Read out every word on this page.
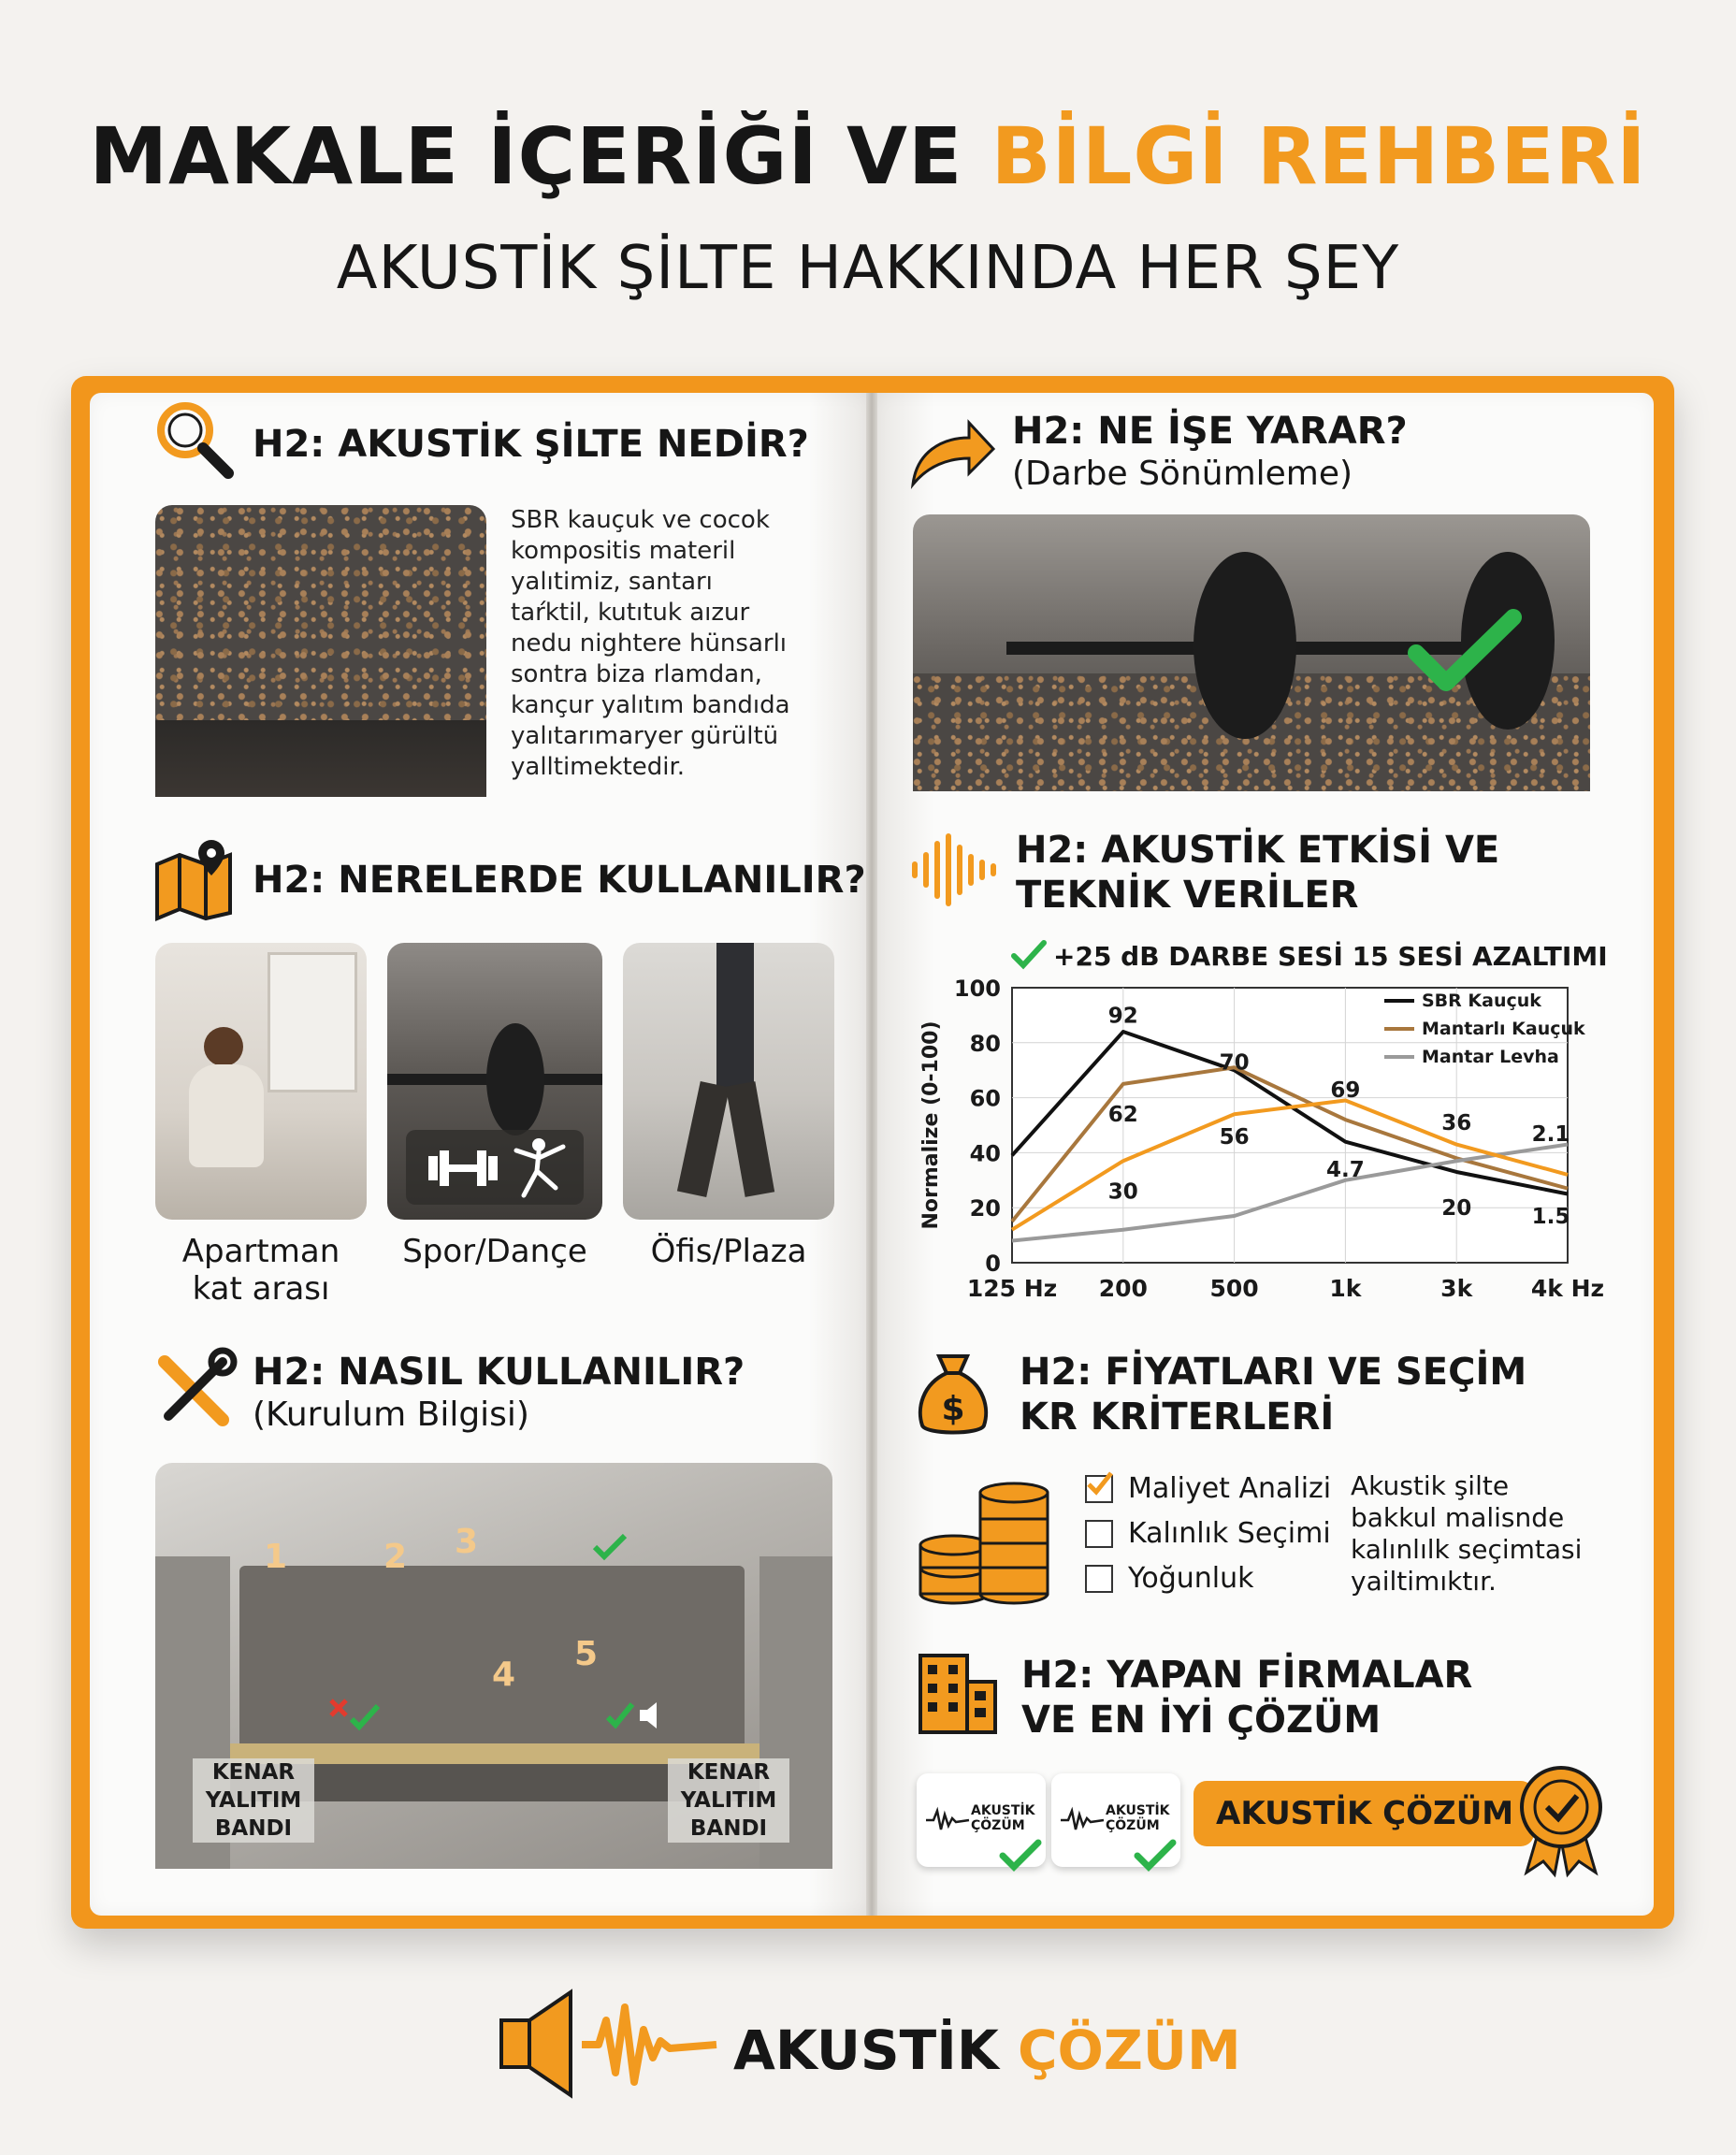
MAKALE İÇERİĞİ VE BİLGİ REHBERİ
AKUSTİK ŞİLTE HAKKINDA HER ŞEY
H2: AKUSTİK ŞİLTE NEDİR?
SBR kauçuk ve cocok
kompositis materil
yalıtimiz, santarı
taŕktil, kutıtuk aızur
nedu nightere hünsarlı
sontra biza rlamdan,
kançur yalıtım bandıda
yalıtarımaryer gürültü
yalltimektedir.
H2: NERELERDE KULLANILIR?
Apartman
kat arası
Spor/Dançe	Öfis/Plaza
H2: NASIL KULLANILIR?
(Kurulum Bilgisi)
1	2 3
4
5
KENAR
YALITIM
BANDI
KENAR
YALITIM
BANDI
H2: NE İŞE YARAR?
(Darbe Sönümleme)
H2: AKUSTİK ETKİSİ VE
TEKNİK VERİLER
+25 dB DARBE SESİ 15 SESİ AZALTIMI
0
20
40
60
80
100
125 Hz 200	500	1k	3k	4k Hz
Normalize (0-100)
SBR Kauçuk
Mantarlı Kauçuk
Mantar Levha
92
70
62
69
56
36
30
4.7
2.1
20	1.5
$
H2: FİYATLARI VE SEÇİM
KR KRİTERLERİ
Maliyet Analizi
Kalınlık Seçimi
Yoğunluk
Akustik şilte
bakkul malisnde
kalınlılk seçimtasi
yailtimıktır.
H2: YAPAN FİRMALAR
VE EN İYİ ÇÖZÜM
AKUSTİK
ÇÖZÜM
AKUSTİK
ÇÖZÜM	AKUSTİK ÇÖZÜM
AKUSTİK ÇÖZÜM
